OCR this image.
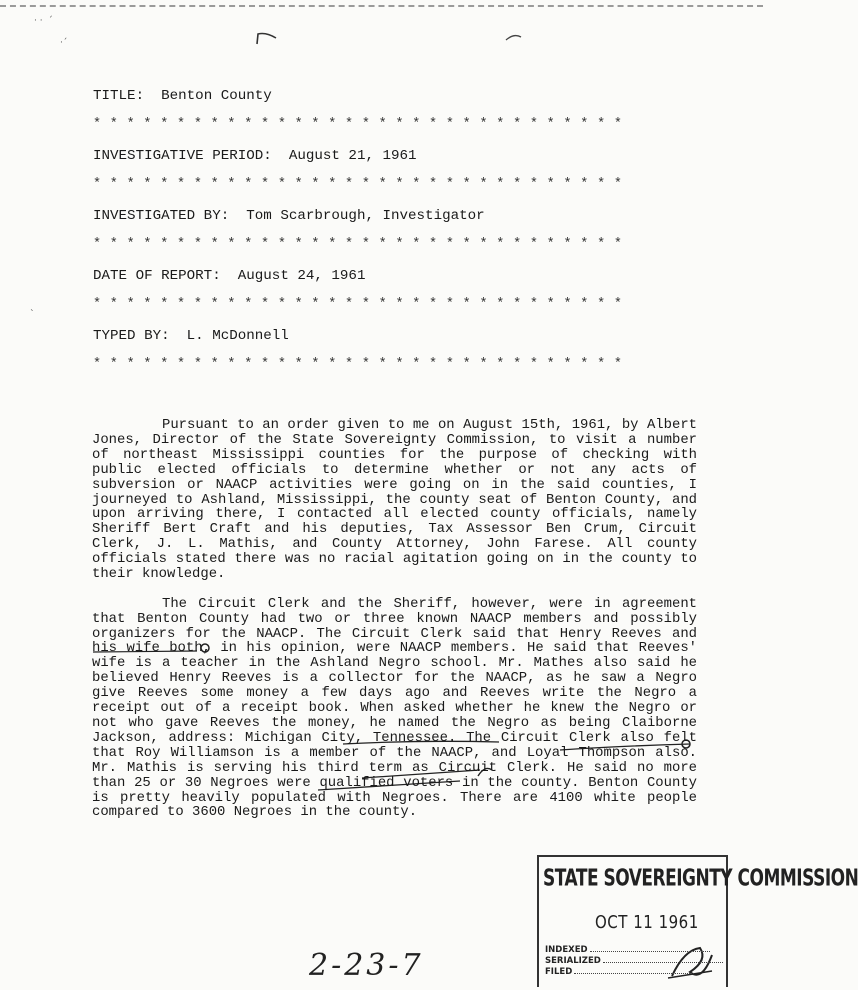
· ·  ˊ
·ˊ
ˎ
TITLE: Benton County
* * * * * * * * * * * * * * * * * * * * * * * * * * * * * * * *
INVESTIGATIVE PERIOD: August 21, 1961
* * * * * * * * * * * * * * * * * * * * * * * * * * * * * * * *
INVESTIGATED BY: Tom Scarbrough, Investigator
* * * * * * * * * * * * * * * * * * * * * * * * * * * * * * * *
DATE OF REPORT: August 24, 1961
* * * * * * * * * * * * * * * * * * * * * * * * * * * * * * * *
TYPED BY: L. McDonnell
* * * * * * * * * * * * * * * * * * * * * * * * * * * * * * * *

Pursuant to an order given to me on August 15th, 1961, by Albert Jones, Director of the State Sovereignty Commission, to visit a number of northeast Mississippi counties for the purpose of checking with public elected officials to determine whether or not any acts of subversion or NAACP activities were going on in the said counties, I journeyed to Ashland, Mississippi, the county seat of Benton County, and upon arriving there, I contacted all elected county officials, namely Sheriff Bert Craft and his deputies, Tax Assessor Ben Crum, Circuit Clerk, J. L. Mathis, and County Attorney, John Farese. All county officials stated there was no racial agitation going on in the county to their knowledge.

The Circuit Clerk and the Sheriff, however, were in agreement that Benton County had two or three known NAACP members and possibly organizers for the NAACP. The Circuit Clerk said that Henry Reeves and his wife both, in his opinion, were NAACP members. He said that Reeves' wife is a teacher in the Ashland Negro school. Mr. Mathes also said he believed Henry Reeves is a collector for the NAACP, as he saw a Negro give Reeves some money a few days ago and Reeves write the Negro a receipt out of a receipt book. When asked whether he knew the Negro or not who gave Reeves the money, he named the Negro as being Claiborne Jackson, address: Michigan City, Tennessee. The Circuit Clerk also felt that Roy Williamson is a member of the NAACP, and Loyal Thompson also. Mr. Mathis is serving his third term as Circuit Clerk. He said no more than 25 or 30 Negroes were qualified voters in the county. Benton County is pretty heavily populated with Negroes. There are 4100 white people compared to 3600 Negroes in the county.

STATE SOVEREIGNTY COMMISSION
OCT 11 1961
INDEXED
SERIALIZED
FILED
2-23-7
